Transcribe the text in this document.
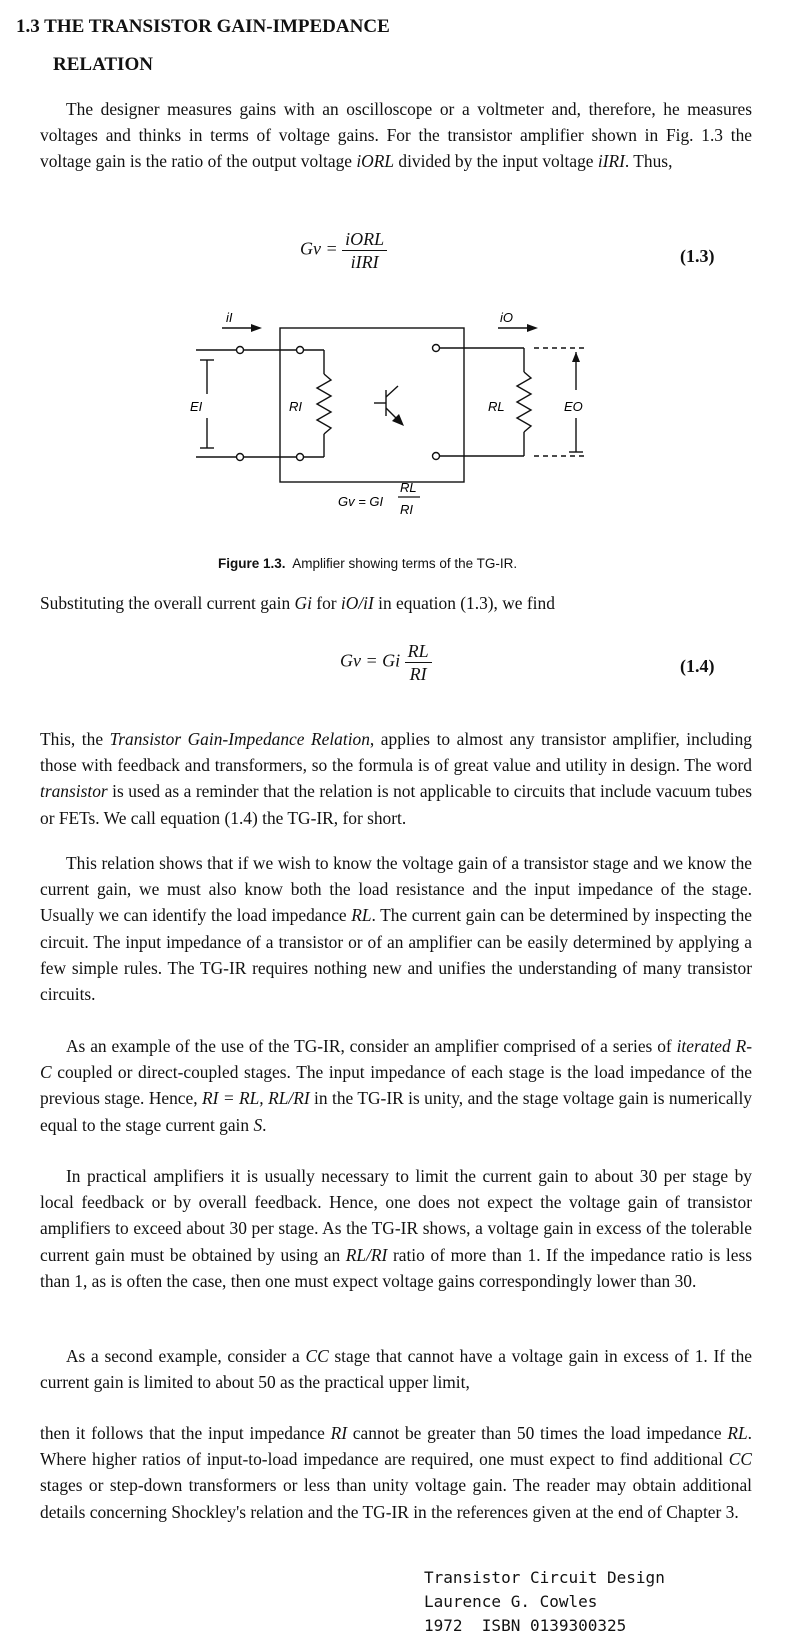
1.3 THE TRANSISTOR GAIN-IMPEDANCE
RELATION

The designer measures gains with an oscilloscope or a voltmeter and, therefore, he measures voltages and thinks in terms of voltage gains. For the transistor amplifier shown in Fig. 1.3 the voltage gain is the ratio of the output voltage iORL divided by the input voltage iIRI. Thus,

$Gv = \frac{\text{iORL}}{\text{iIRI}}$	(1.3)
iI	iO
EI	RI	RL	EO
Gv = GI
RL
RI

Figure 1.3. Amplifier showing terms of the TG-IR.

Substituting the overall current gain Gi for iO/iI in equation (1.3), we find

Gv = Gi $\frac{RL}{RI}$	(1.4)

This, the Transistor Gain-Impedance Relation, applies to almost any transistor amplifier, including those with feedback and transformers, so the formula is of great value and utility in design. The word transistor is used as a reminder that the relation is not applicable to circuits that include vacuum tubes or FETs. We call equation (1.4) the TG-IR, for short.

This relation shows that if we wish to know the voltage gain of a transistor stage and we know the current gain, we must also know both the load resistance and the input impedance of the stage. Usually we can identify the load impedance RL. The current gain can be determined by inspecting the circuit. The input impedance of a transistor or of an amplifier can be easily determined by applying a few simple rules. The TG-IR requires nothing new and unifies the understanding of many transistor circuits.

As an example of the use of the TG-IR, consider an amplifier comprised of a series of iterated R-C coupled or direct-coupled stages. The input impedance of each stage is the load impedance of the previous stage. Hence, RI = RL, RL/RI in the TG-IR is unity, and the stage voltage gain is numerically equal to the stage current gain S.

In practical amplifiers it is usually necessary to limit the current gain to about 30 per stage by local feedback or by overall feedback. Hence, one does not expect the voltage gain of transistor amplifiers to exceed about 30 per stage. As the TG-IR shows, a voltage gain in excess of the tolerable current gain must be obtained by using an RL/RI ratio of more than 1. If the impedance ratio is less than 1, as is often the case, then one must expect voltage gains correspondingly lower than 30.

As a second example, consider a CC stage that cannot have a voltage gain in excess of 1. If the current gain is limited to about 50 as the practical upper limit,

then it follows that the input impedance RI cannot be greater than 50 times the load impedance RL. Where higher ratios of input-to-load impedance are required, one must expect to find additional CC stages or step-down transformers or less than unity voltage gain. The reader may obtain additional details concerning Shockley's relation and the TG-IR in the references given at the end of Chapter 3.

Transistor Circuit Design
Laurence G. Cowles
1972  ISBN 0139300325
